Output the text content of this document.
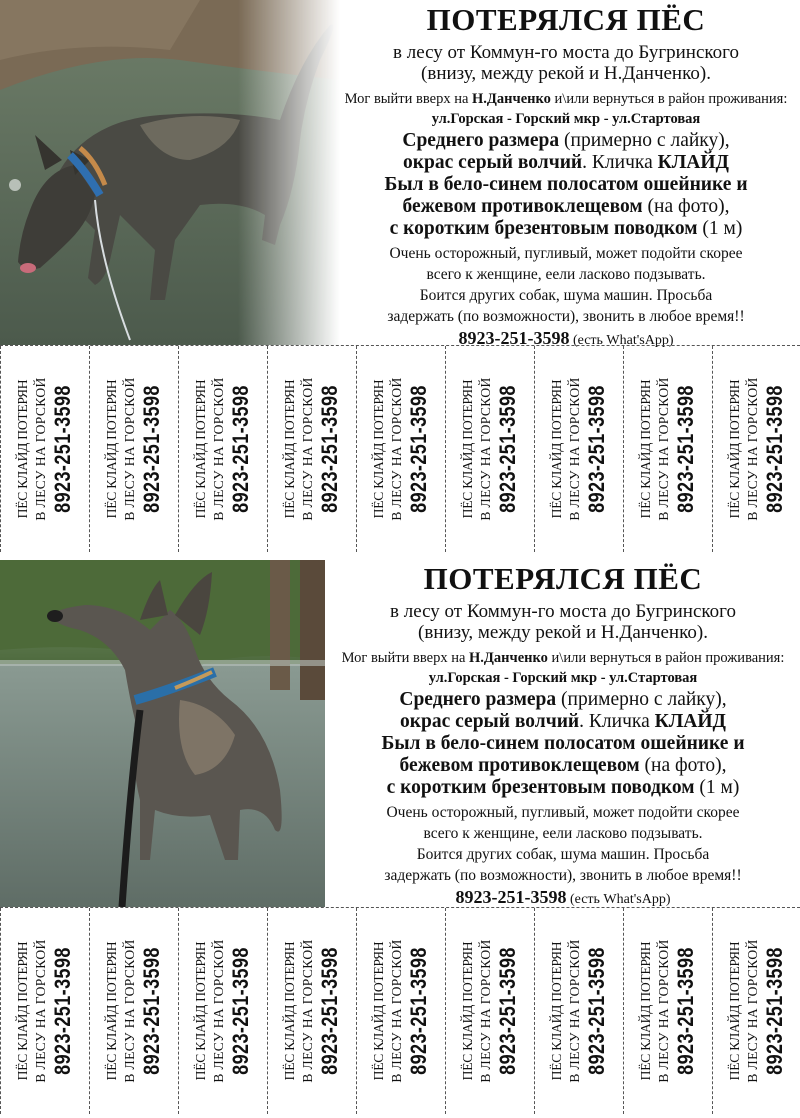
ПОТЕРЯЛСЯ ПЁС
в лесу от Коммун-го моста до Бугринского
(внизу, между рекой и Н.Данченко).
Мог выйти вверх на Н.Данченко и\или вернуться в район проживания: ул.Горская - Горский мкр - ул.Стартовая
Среднего размера (примерно с лайку),
окрас серый волчий. Кличка КЛАЙД
Был в бело-синем полосатом ошейнике и
бежевом противоклещевом (на фото),
с коротким брезентовым поводком (1 м)
Очень осторожный, пугливый, может подойти скорее
всего к женщине, еели ласково подзывать.
Боится других собак, шума машин. Просьба
задержать (по возможности), звонить в любое время!!
8923-251-3598 (есть What'sApp)
ПЁС КЛАЙД ПОТЕРЯН В ЛЕСУ НА ГОРСКОЙ 8923-251-3598 ПЁС КЛАЙД ПОТЕРЯН В ЛЕСУ НА ГОРСКОЙ 8923-251-3598 ПЁС КЛАЙД ПОТЕРЯН В ЛЕСУ НА ГОРСКОЙ 8923-251-3598 ПЁС КЛАЙД ПОТЕРЯН В ЛЕСУ НА ГОРСКОЙ 8923-251-3598 ПЁС КЛАЙД ПОТЕРЯН В ЛЕСУ НА ГОРСКОЙ 8923-251-3598 ПЁС КЛАЙД ПОТЕРЯН В ЛЕСУ НА ГОРСКОЙ 8923-251-3598 ПЁС КЛАЙД ПОТЕРЯН В ЛЕСУ НА ГОРСКОЙ 8923-251-3598 ПЁС КЛАЙД ПОТЕРЯН В ЛЕСУ НА ГОРСКОЙ 8923-251-3598 ПЁС КЛАЙД ПОТЕРЯН В ЛЕСУ НА ГОРСКОЙ 8923-251-3598
ПОТЕРЯЛСЯ ПЁС
в лесу от Коммун-го моста до Бугринского
(внизу, между рекой и Н.Данченко).
Мог выйти вверх на Н.Данченко и\или вернуться в район проживания: ул.Горская - Горский мкр - ул.Стартовая
Среднего размера (примерно с лайку),
окрас серый волчий. Кличка КЛАЙД
Был в бело-синем полосатом ошейнике и
бежевом противоклещевом (на фото),
с коротким брезентовым поводком (1 м)
Очень осторожный, пугливый, может подойти скорее
всего к женщине, еели ласково подзывать.
Боится других собак, шума машин. Просьба
задержать (по возможности), звонить в любое время!!
8923-251-3598 (есть What'sApp)
ПЁС КЛАЙД ПОТЕРЯН В ЛЕСУ НА ГОРСКОЙ 8923-251-3598 ПЁС КЛАЙД ПОТЕРЯН В ЛЕСУ НА ГОРСКОЙ 8923-251-3598 ПЁС КЛАЙД ПОТЕРЯН В ЛЕСУ НА ГОРСКОЙ 8923-251-3598 ПЁС КЛАЙД ПОТЕРЯН В ЛЕСУ НА ГОРСКОЙ 8923-251-3598 ПЁС КЛАЙД ПОТЕРЯН В ЛЕСУ НА ГОРСКОЙ 8923-251-3598 ПЁС КЛАЙД ПОТЕРЯН В ЛЕСУ НА ГОРСКОЙ 8923-251-3598 ПЁС КЛАЙД ПОТЕРЯН В ЛЕСУ НА ГОРСКОЙ 8923-251-3598 ПЁС КЛАЙД ПОТЕРЯН В ЛЕСУ НА ГОРСКОЙ 8923-251-3598 ПЁС КЛАЙД ПОТЕРЯН В ЛЕСУ НА ГОРСКОЙ 8923-251-3598
